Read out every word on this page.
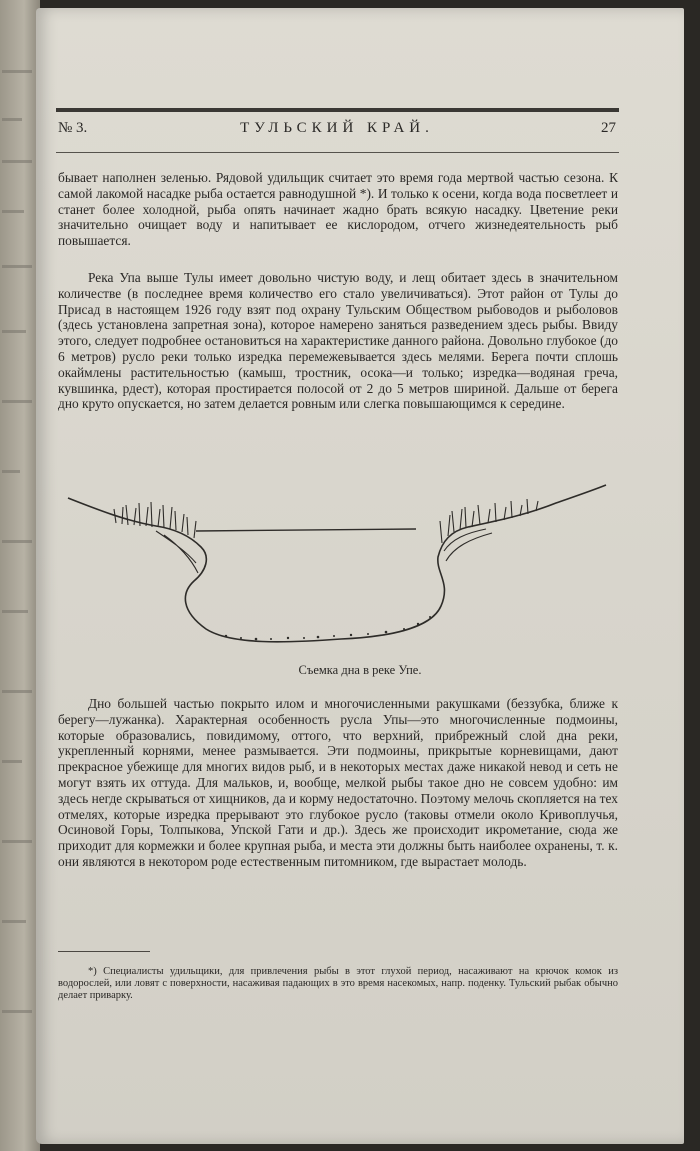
№ 3.	ТУЛЬСКИЙ КРАЙ.	27

бывает наполнен зеленью. Рядовой удильщик считает это время года мертвой частью сезона. К самой лакомой насадке рыба остается равнодушной *). И только к осени, когда вода посветлеет и станет более холодной, рыба опять начинает жадно брать всякую насадку. Цветение реки значительно очищает воду и напитывает ее кислородом, отчего жизнедеятельность рыб повышается.

Река Упа выше Тулы имеет довольно чистую воду, и лещ обитает здесь в значительном количестве (в последнее время количество его стало увеличиваться). Этот район от Тулы до Присад в настоящем 1926 году взят под охрану Тульским Обществом рыбоводов и рыболовов (здесь установлена запретная зона), которое намерено заняться разведением здесь рыбы. Ввиду этого, следует подробнее остановиться на характеристике данного района. Довольно глубокое (до 6 метров) русло реки только изредка перемежевывается здесь мелями. Берега почти сплошь окаймлены растительностью (камыш, тростник, осока—и только; изредка—водяная греча, кувшинка, рдест), которая простирается полосой от 2 до 5 метров шириной. Дальше от берега дно круто опускается, но затем делается ровным или слегка повышающимся к середине.

Съемка дна в реке Упе.

Дно большей частью покрыто илом и многочисленными ракушками (беззубка, ближе к берегу—лужанка). Характерная особенность русла Упы—это многочисленные подмоины, которые образовались, повидимому, оттого, что верхний, прибрежный слой дна реки, укрепленный корнями, менее размывается. Эти подмоины, прикрытые корневищами, дают прекрасное убежище для многих видов рыб, и в некоторых местах даже никакой невод и сеть не могут взять их оттуда. Для мальков, и, вообще, мелкой рыбы такое дно не совсем удобно: им здесь негде скрываться от хищников, да и корму недостаточно. Поэтому мелочь скопляется на тех отмелях, которые изредка прерывают это глубокое русло (таковы отмели около Кривоплучья, Осиновой Горы, Толпыкова, Упской Гати и др.). Здесь же происходит икрометание, сюда же приходит для кормежки и более крупная рыба, и места эти должны быть наиболее охранены, т. к. они являются в некотором роде естественным питомником, где вырастает молодь.

*) Специалисты удильщики, для привлечения рыбы в этот глухой период, насаживают на крючок комок из водорослей, или ловят с поверхности, насаживая падающих в это время насекомых, напр. поденку. Тульский рыбак обычно делает приварку.
